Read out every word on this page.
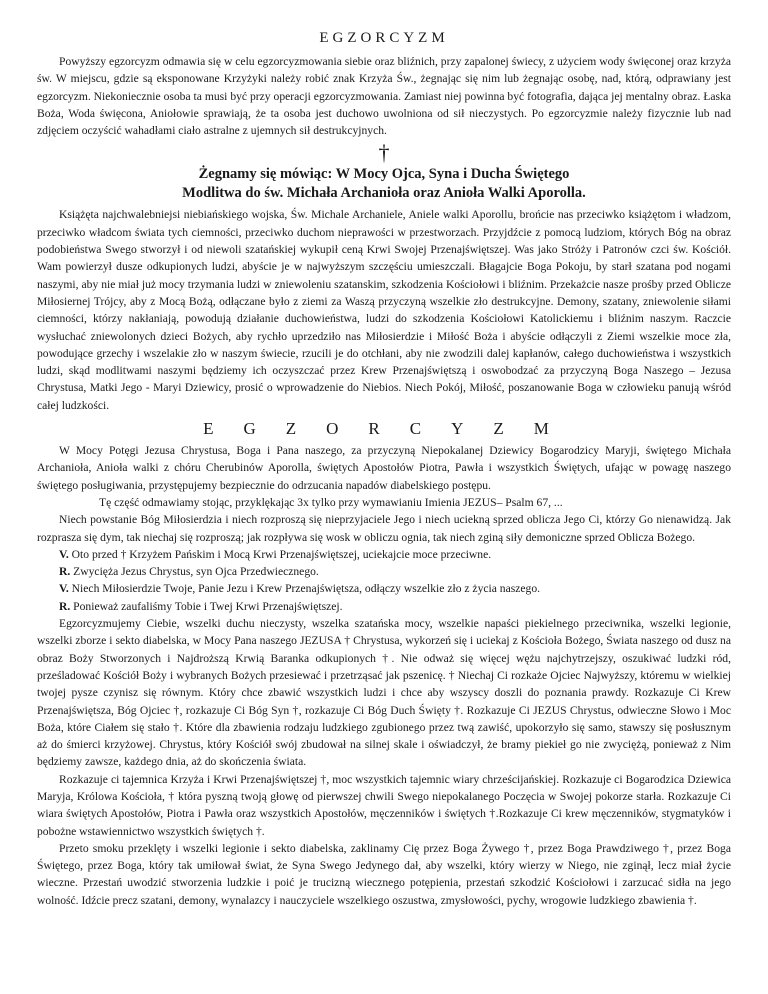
EGZORCYZM

Powyższy egzorcyzm odmawia się w celu egzorcyzmowania siebie oraz bliźnich, przy zapalonej świecy, z użyciem wody święconej oraz krzyża św. W miejscu, gdzie są eksponowane Krzyżyki należy robić znak Krzyża Św., żegnając się nim lub żegnając osobę, nad, którą, odprawiany jest egzorcyzm. Niekoniecznie osoba ta musi być przy operacji egzorcyzmowania. Zamiast niej powinna być fotografia, dająca jej mentalny obraz. Łaska Boża, Woda święcona, Aniołowie sprawiają, że ta osoba jest duchowo uwolniona od sił nieczystych. Po egzorcyzmie należy fizycznie lub nad zdjęciem oczyścić wahadłami ciało astralne z ujemnych sił destrukcyjnych.

†
Żegnamy się mówiąc: W Mocy Ojca, Syna i Ducha Świętego
Modlitwa do św. Michała Archanioła oraz Anioła Walki Aporolla.

Książęta najchwalebniejsi niebiańskiego wojska, Św. Michale Archaniele, Aniele walki Aporollu, brońcie nas przeciwko książętom i władzom, przeciwko władcom świata tych ciemności, przeciwko duchom nieprawości w przestworzach. Przyjdźcie z pomocą ludziom, których Bóg na obraz podobieństwa Swego stworzył i od niewoli szatańskiej wykupił ceną Krwi Swojej Przenajświętszej. Was jako Stróży i Patronów czci św. Kościół. Wam powierzył dusze odkupionych ludzi, abyście je w najwyższym szczęściu umieszczali. Błagajcie Boga Pokoju, by starł szatana pod nogami naszymi, aby nie miał już mocy trzymania ludzi w zniewoleniu szatanskim, szkodzenia Kościołowi i bliźnim. Przekażcie nasze prośby przed Oblicze Miłosiernej Trójcy, aby z Mocą Bożą, odłączane było z ziemi za Waszą przyczyną wszelkie zło destrukcyjne. Demony, szatany, zniewolenie siłami ciemności, którzy nakłaniają, powodują działanie duchowieństwa, ludzi do szkodzenia Kościołowi Katolickiemu i bliźnim naszym. Raczcie wysłuchać zniewolonych dzieci Bożych, aby rychło uprzedziło nas Miłosierdzie i Miłość Boża i abyście odłączyli z Ziemi wszelkie moce zła, powodujące grzechy i wszelakie zło w naszym świecie, rzucili je do otchłani, aby nie zwodzili dalej kapłanów, całego duchowieństwa i wszystkich ludzi, skąd modlitwami naszymi będziemy ich oczyszczać przez Krew Przenajświętszą i oswobodzać za przyczyną Boga Naszego – Jezusa Chrystusa, Matki Jego - Maryi Dziewicy, prosić o wprowadzenie do Niebios. Niech Pokój, Miłość, poszanowanie Boga w człowieku panują wśród całej ludzkości.

EGZORCYZM

W Mocy Potęgi Jezusa Chrystusa, Boga i Pana naszego, za przyczyną Niepokalanej Dziewicy Bogarodzicy Maryji, świętego Michała Archanioła, Anioła walki z chóru Cherubinów Aporolla, świętych Apostołów Piotra, Pawła i wszystkich Świętych, ufając w powagę naszego świętego posługiwania, przystępujemy bezpiecznie do odrzucania napadów diabelskiego postępu.

Tę część odmawiamy stojąc, przyklękając 3x tylko przy wymawianiu Imienia JEZUS– Psalm 67, ...

Niech powstanie Bóg Miłosierdzia i niech rozproszą się nieprzyjaciele Jego i niech uciekną sprzed oblicza Jego Ci, którzy Go nienawidzą. Jak rozprasza się dym, tak niechaj się rozproszą; jak rozpływa się wosk w obliczu ognia, tak niech zginą siły demoniczne sprzed Oblicza Bożego.

V. Oto przed † Krzyżem Pańskim i Mocą Krwi Przenajświętszej, uciekajcie moce przeciwne.

R. Zwycięża Jezus Chrystus, syn Ojca Przedwiecznego.

V. Niech Miłosierdzie Twoje, Panie Jezu i Krew Przenajświętsza, odłączy wszelkie zło z życia naszego.

R. Ponieważ zaufaliśmy Tobie i Twej Krwi Przenajświętszej.

Egzorcyzmujemy Ciebie, wszelki duchu nieczysty, wszelka szatańska mocy, wszelkie napaści piekielnego przeciwnika, wszelki legionie, wszelki zborze i sekto diabelska, w Mocy Pana naszego JEZUSA † Chrystusa, wykorzeń się i uciekaj z Kościoła Bożego, Świata naszego od dusz na obraz Boży Stworzonych i Najdroższą Krwią Baranka odkupionych †. Nie odważ się więcej wężu najchytrzejszy, oszukiwać ludzki ród, prześladować Kościół Boży i wybranych Bożych przesiewać i przetrząsać jak pszenicę. † Niechaj Ci rozkaże Ojciec Najwyższy, któremu w wielkiej twojej pysze czynisz się równym. Który chce zbawić wszystkich ludzi i chce aby wszyscy doszli do poznania prawdy. Rozkazuje Ci Krew Przenajświętsza, Bóg Ojciec †, rozkazuje Ci Bóg Syn †, rozkazuje Ci Bóg Duch Święty †. Rozkazuje Ci JEZUS Chrystus, odwieczne Słowo i Moc Boża, które Ciałem się stało †. Które dla zbawienia rodzaju ludzkiego zgubionego przez twą zawiść, upokorzyło się samo, stawszy się posłusznym aż do śmierci krzyżowej. Chrystus, który Kościół swój zbudował na silnej skale i oświadczył, że bramy piekieł go nie zwyciężą, ponieważ z Nim będziemy zawsze, każdego dnia, aż do skończenia świata.

Rozkazuje ci tajemnica Krzyża i Krwi Przenajświętszej †, moc wszystkich tajemnic wiary chrześcijańskiej. Rozkazuje ci Bogarodzica Dziewica Maryja, Królowa Kościoła, † która pyszną twoją głowę od pierwszej chwili Swego niepokalanego Poczęcia w Swojej pokorze starła. Rozkazuje Ci wiara świętych Apostołów, Piotra i Pawła oraz wszystkich Apostołów, męczenników i świętych †.Rozkazuje Ci krew męczenników, stygmatyków i pobożne wstawiennictwo wszystkich świętych †.

Przeto smoku przeklęty i wszelki legionie i sekto diabelska, zaklinamy Cię przez Boga Żywego †, przez Boga Prawdziwego †, przez Boga Świętego, przez Boga, który tak umiłował świat, że Syna Swego Jedynego dał, aby wszelki, który wierzy w Niego, nie zginął, lecz miał życie wieczne. Przestań uwodzić stworzenia ludzkie i poić je trucizną wiecznego potępienia, przestań szkodzić Kościołowi i zarzucać sidła na jego wolność. Idźcie precz szatani, demony, wynalazcy i nauczyciele wszelkiego oszustwa, zmysłowości, pychy, wrogowie ludzkiego zbawienia †.
